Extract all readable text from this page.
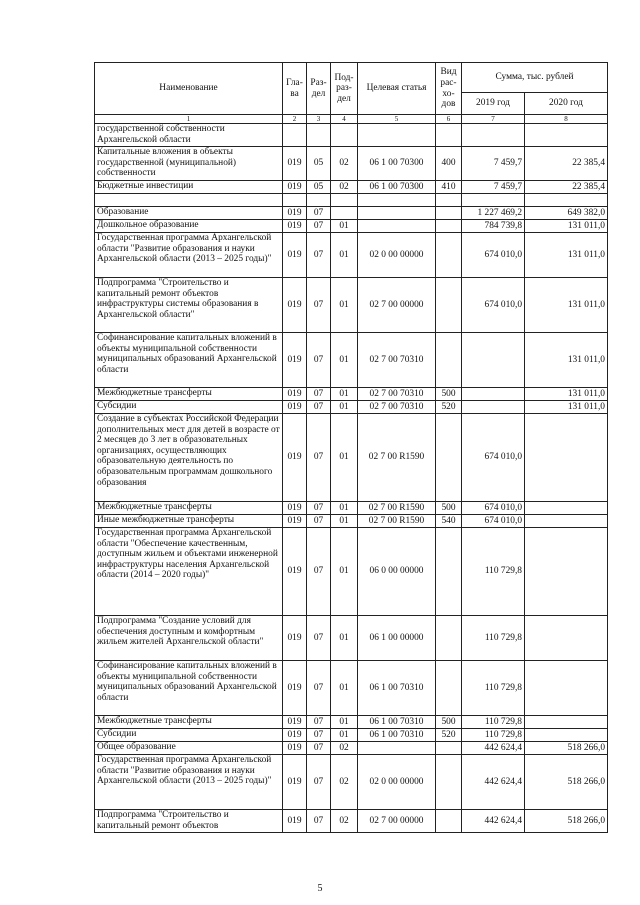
Наименование	Гла-ва	Раз-дел	Под-раз-дел	Целевая статья	Вид рас-хо-дов	Сумма, тыс. рублей	
						2019 год	2020 год
1	2	3	4	5	6	7	8
государственной собственности Архангельской области							
Капитальные вложения в объекты государственной (муниципальной) собственности	019	05	02	06 1 00 70300	400	7 459,7	22 385,4
Бюджетные инвестиции	019	05	02	06 1 00 70300	410	7 459,7	22 385,4

Образование	019	07				1 227 469,2	649 382,0
Дошкольное образование	019	07	01			784 739,8	131 011,0
Государственная программа Архангельской области "Развитие образования и науки Архангельской области (2013 – 2025 годы)"	019	07	01	02 0 00 00000		674 010,0	131 011,0
Подпрограмма "Строительство и капитальный ремонт объектов инфраструктуры системы образования в Архангельской области"	019	07	01	02 7 00 00000		674 010,0	131 011,0
Софинансирование капитальных вложений в объекты муниципальной собственности муниципальных образований Архангельской области	019	07	01	02 7 00 70310			131 011,0
Межбюджетные трансферты	019	07	01	02 7 00 70310	500		131 011,0
Субсидии	019	07	01	02 7 00 70310	520		131 011,0
Создание в субъектах Российской Федерации дополнительных мест для детей в возрасте от 2 месяцев до 3 лет в образовательных организациях, осуществляющих образовательную деятельность по образовательным программам дошкольного образования	019	07	01	02 7 00 R1590		674 010,0	
Межбюджетные трансферты	019	07	01	02 7 00 R1590	500	674 010,0	
Иные межбюджетные трансферты	019	07	01	02 7 00 R1590	540	674 010,0	
Государственная программа Архангельской области "Обеспечение качественным, доступным жильем и объектами инженерной инфраструктуры населения Архангельской области (2014 – 2020 годы)"	019	07	01	06 0 00 00000		110 729,8	
Подпрограмма "Создание условий для обеспечения доступным и комфортным жильем жителей Архангельской области"	019	07	01	06 1 00 00000		110 729,8	
Софинансирование капитальных вложений в объекты муниципальной собственности муниципальных образований Архангельской области	019	07	01	06 1 00 70310		110 729,8	
Межбюджетные трансферты	019	07	01	06 1 00 70310	500	110 729,8	
Субсидии	019	07	01	06 1 00 70310	520	110 729,8	
Общее образование	019	07	02			442 624,4	518 266,0
Государственная программа Архангельской области "Развитие образования и науки Архангельской области (2013 – 2025 годы)"	019	07	02	02 0 00 00000		442 624,4	518 266,0
Подпрограмма "Строительство и капитальный ремонт объектов	019	07	02	02 7 00 00000		442 624,4	518 266,0
5
